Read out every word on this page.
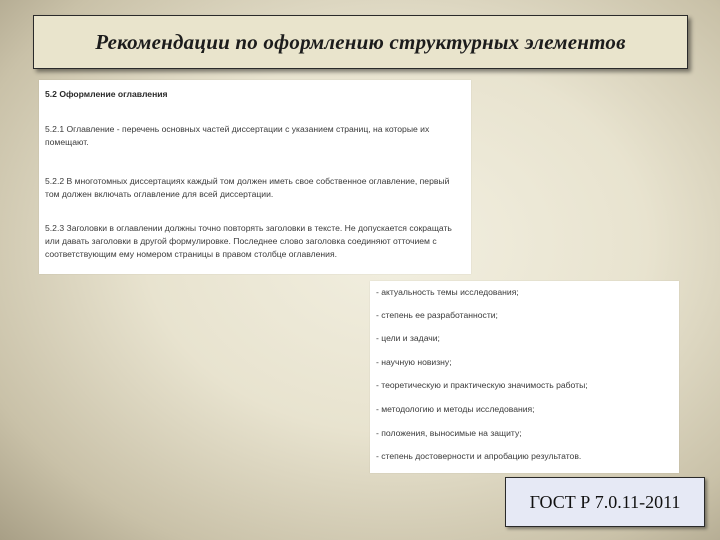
Рекомендации по оформлению структурных элементов
5.2 Оформление оглавления
5.2.1 Оглавление - перечень основных частей диссертации с указанием страниц, на которые их помещают.
5.2.2 В многотомных диссертациях каждый том должен иметь свое собственное оглавление, первый том должен включать оглавление для всей диссертации.
5.2.3 Заголовки в оглавлении должны точно повторять заголовки в тексте. Не допускается сокращать или давать заголовки в другой формулировке. Последнее слово заголовка соединяют отточием с соответствующим ему номером страницы в правом столбце оглавления.
- актуальность темы исследования;
- степень ее разработанности;
- цели и задачи;
- научную новизну;
- теоретическую и практическую значимость работы;
- методологию и методы исследования;
- положения, выносимые на защиту;
- степень достоверности и апробацию результатов.
ГОСТ Р 7.0.11-2011
